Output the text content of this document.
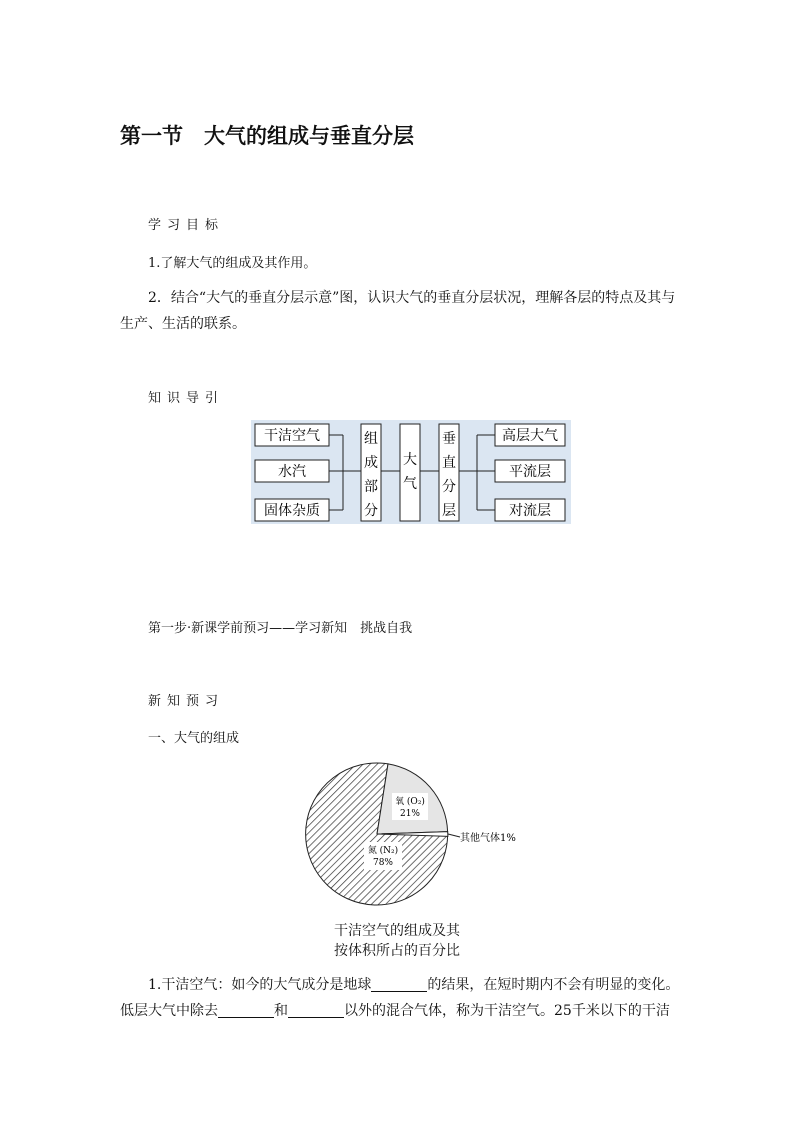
第一节　大气的组成与垂直分层
学习目标
1.了解大气的组成及其作用。
2．结合“大气的垂直分层示意”图，认识大气的垂直分层状况，理解各层的特点及其与生产、生活的联系。
知识导引
干洁空气
水汽
固体杂质
组
成
部
分
大
气
垂
直
分
层
高层大气
平流层
对流层
第一步·新课学前预习——学习新知　挑战自我
新知预习
一、大气的组成
氧 (O₂)
21%
氮 (N₂)
78%
其他气体1%
干洁空气的组成及其
按体积所占的百分比
1.干洁空气：如今的大气成分是地球	的结果，在短时期内不会有明显的变化。低层大气中除去	和	以外的混合气体，称为干洁空气。25千米以下的干洁
